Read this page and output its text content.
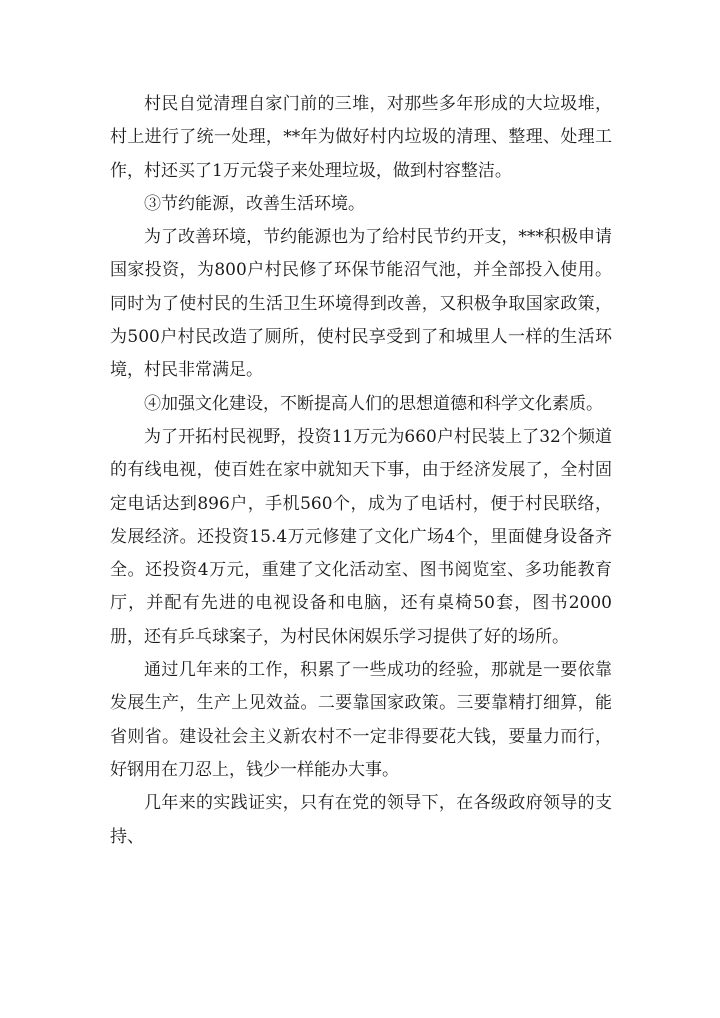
村民自觉清理自家门前的三堆，对那些多年形成的大垃圾堆，村上进行了统一处理，**年为做好村内垃圾的清理、整理、处理工作，村还买了1万元袋子来处理垃圾，做到村容整洁。

③节约能源，改善生活环境。

为了改善环境，节约能源也为了给村民节约开支，***积极申请国家投资，为800户村民修了环保节能沼气池，并全部投入使用。同时为了使村民的生活卫生环境得到改善，又积极争取国家政策，为500户村民改造了厕所，使村民享受到了和城里人一样的生活环境，村民非常满足。

④加强文化建设，不断提高人们的思想道德和科学文化素质。

为了开拓村民视野，投资11万元为660户村民装上了32个频道的有线电视，使百姓在家中就知天下事，由于经济发展了，全村固定电话达到896户，手机560个，成为了电话村，便于村民联络，发展经济。还投资15.4万元修建了文化广场4个，里面健身设备齐全。还投资4万元，重建了文化活动室、图书阅览室、多功能教育厅，并配有先进的电视设备和电脑，还有桌椅50套，图书2000册，还有乒乓球案子，为村民休闲娱乐学习提供了好的场所。

通过几年来的工作，积累了一些成功的经验，那就是一要依靠发展生产，生产上见效益。二要靠国家政策。三要靠精打细算，能省则省。建设社会主义新农村不一定非得要花大钱，要量力而行，好钢用在刀忍上，钱少一样能办大事。

几年来的实践证实，只有在党的领导下，在各级政府领导的支持、
